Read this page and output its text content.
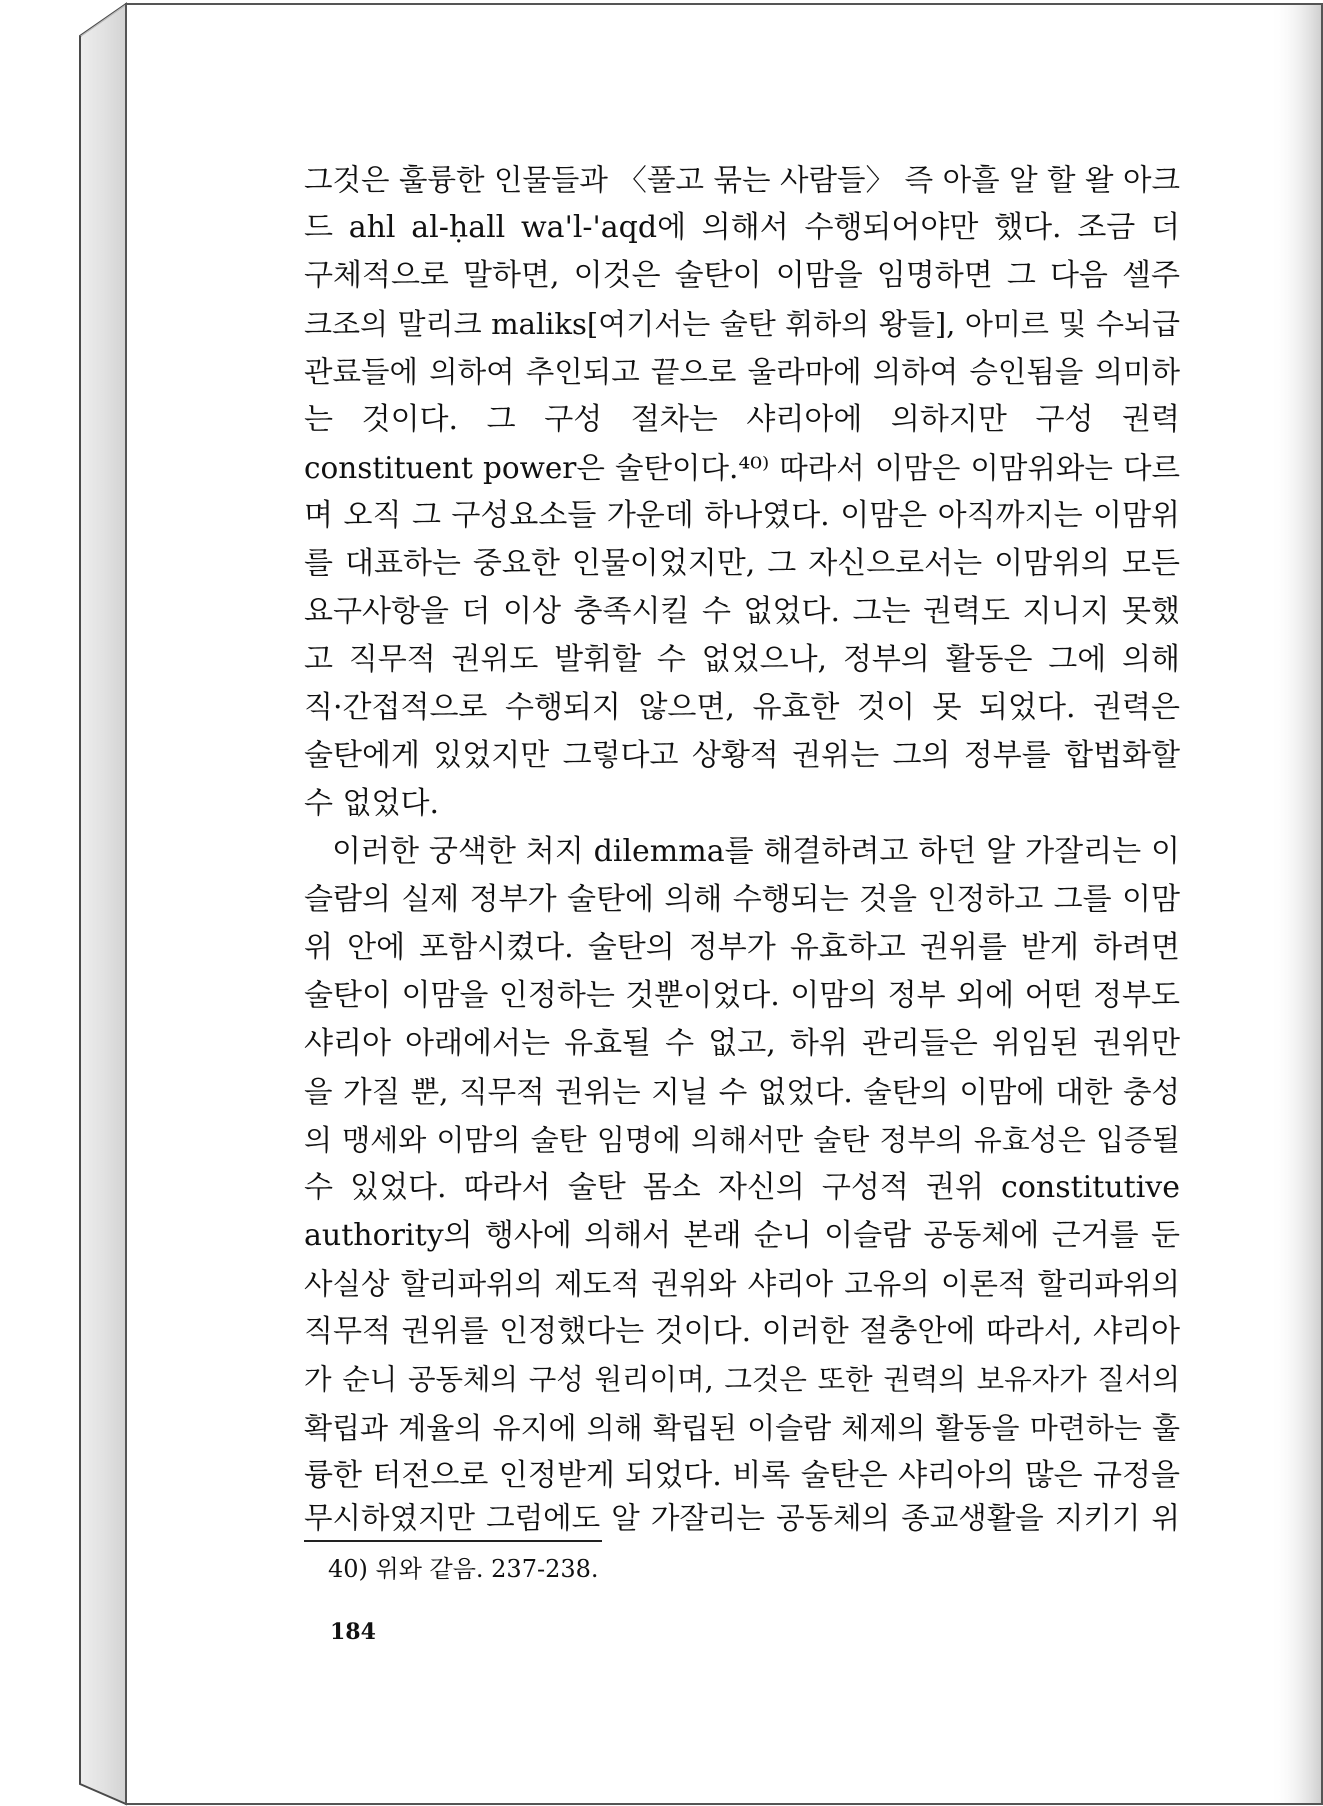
그것은 훌륭한 인물들과 〈풀고 묶는 사람들〉 즉 아흘 알 할 왈 아크
드 ahl al-ḥall wa'l-'aqd에 의해서 수행되어야만 했다. 조금 더
구체적으로 말하면, 이것은 술탄이 이맘을 임명하면 그 다음 셀주
크조의 말리크 maliks[여기서는 술탄 휘하의 왕들], 아미르 및 수뇌급
관료들에 의하여 추인되고 끝으로 울라마에 의하여 승인됨을 의미하
는 것이다. 그 구성 절차는 샤리아에 의하지만 구성 권력
constituent power은 술탄이다.⁴⁰⁾ 따라서 이맘은 이맘위와는 다르
며 오직 그 구성요소들 가운데 하나였다. 이맘은 아직까지는 이맘위
를 대표하는 중요한 인물이었지만, 그 자신으로서는 이맘위의 모든
요구사항을 더 이상 충족시킬 수 없었다. 그는 권력도 지니지 못했
고 직무적 권위도 발휘할 수 없었으나, 정부의 활동은 그에 의해
직·간접적으로 수행되지 않으면, 유효한 것이 못 되었다. 권력은
술탄에게 있었지만 그렇다고 상황적 권위는 그의 정부를 합법화할
수 없었다.
이러한 궁색한 처지 dilemma를 해결하려고 하던 알 가잘리는 이
슬람의 실제 정부가 술탄에 의해 수행되는 것을 인정하고 그를 이맘
위 안에 포함시켰다. 술탄의 정부가 유효하고 권위를 받게 하려면
술탄이 이맘을 인정하는 것뿐이었다. 이맘의 정부 외에 어떤 정부도
샤리아 아래에서는 유효될 수 없고, 하위 관리들은 위임된 권위만
을 가질 뿐, 직무적 권위는 지닐 수 없었다. 술탄의 이맘에 대한 충성
의 맹세와 이맘의 술탄 임명에 의해서만 술탄 정부의 유효성은 입증될
수 있었다. 따라서 술탄 몸소 자신의 구성적 권위 constitutive
authority의 행사에 의해서 본래 순니 이슬람 공동체에 근거를 둔
사실상 할리파위의 제도적 권위와 샤리아 고유의 이론적 할리파위의
직무적 권위를 인정했다는 것이다. 이러한 절충안에 따라서, 샤리아
가 순니 공동체의 구성 원리이며, 그것은 또한 권력의 보유자가 질서의
확립과 계율의 유지에 의해 확립된 이슬람 체제의 활동을 마련하는 훌
륭한 터전으로 인정받게 되었다. 비록 술탄은 샤리아의 많은 규정을
무시하였지만 그럼에도 알 가잘리는 공동체의 종교생활을 지키기 위
40) 위와 같음. 237-238.
184
